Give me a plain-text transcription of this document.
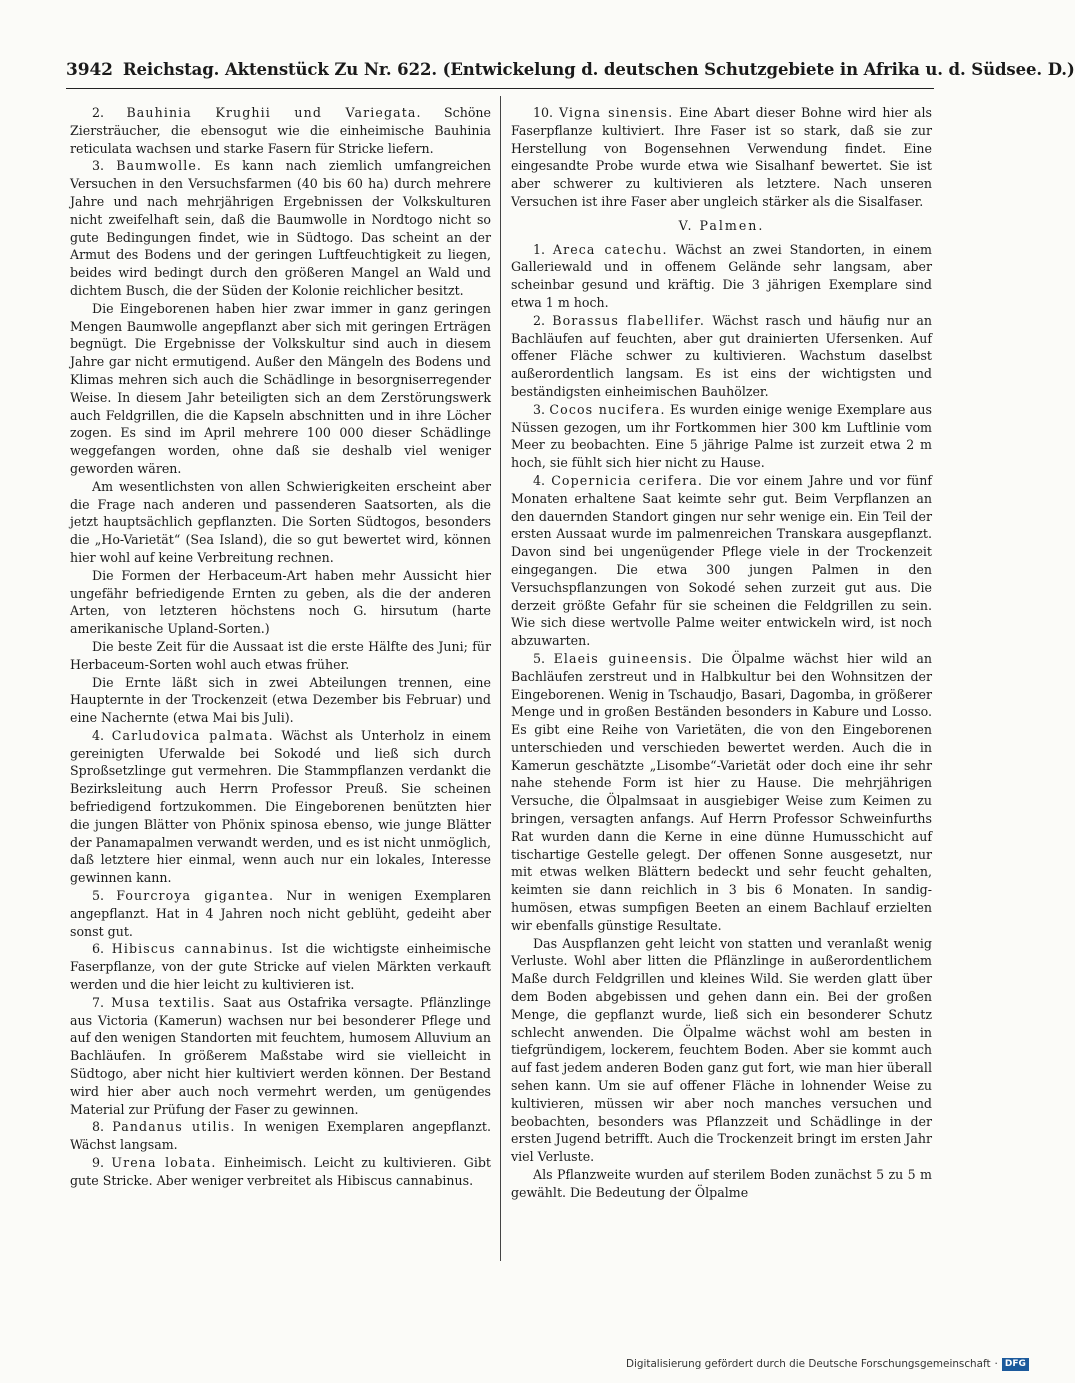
3942 Reichstag. Aktenstück Zu Nr. 622. (Entwickelung d. deutschen Schutzgebiete in Afrika u. d. Südsee. D.)

2. Bauhinia Krughii und Variegata. Schöne Ziersträucher, die ebensogut wie die einheimische Bauhinia reticulata wachsen und starke Fasern für Stricke liefern.

3. Baumwolle. Es kann nach ziemlich umfangreichen Versuchen in den Versuchsfarmen (40 bis 60 ha) durch mehrere Jahre und nach mehrjährigen Ergebnissen der Volkskulturen nicht zweifelhaft sein, daß die Baumwolle in Nordtogo nicht so gute Bedingungen findet, wie in Südtogo. Das scheint an der Armut des Bodens und der geringen Luftfeuchtigkeit zu liegen, beides wird bedingt durch den größeren Mangel an Wald und dichtem Busch, die der Süden der Kolonie reichlicher besitzt.

Die Eingeborenen haben hier zwar immer in ganz geringen Mengen Baumwolle angepflanzt aber sich mit geringen Erträgen begnügt. Die Ergebnisse der Volkskultur sind auch in diesem Jahre gar nicht ermutigend. Außer den Mängeln des Bodens und Klimas mehren sich auch die Schädlinge in besorgniserregender Weise. In diesem Jahr beteiligten sich an dem Zerstörungswerk auch Feldgrillen, die die Kapseln abschnitten und in ihre Löcher zogen. Es sind im April mehrere 100 000 dieser Schädlinge weggefangen worden, ohne daß sie deshalb viel weniger geworden wären.

Am wesentlichsten von allen Schwierigkeiten erscheint aber die Frage nach anderen und passenderen Saatsorten, als die jetzt hauptsächlich gepflanzten. Die Sorten Südtogos, besonders die „Ho-Varietät“ (Sea Island), die so gut bewertet wird, können hier wohl auf keine Verbreitung rechnen.

Die Formen der Herbaceum-Art haben mehr Aussicht hier ungefähr befriedigende Ernten zu geben, als die der anderen Arten, von letzteren höchstens noch G. hirsutum (harte amerikanische Upland-Sorten.)

Die beste Zeit für die Aussaat ist die erste Hälfte des Juni; für Herbaceum-Sorten wohl auch etwas früher.

Die Ernte läßt sich in zwei Abteilungen trennen, eine Haupternte in der Trockenzeit (etwa Dezember bis Februar) und eine Nachernte (etwa Mai bis Juli).

4. Carludovica palmata. Wächst als Unterholz in einem gereinigten Uferwalde bei Sokodé und ließ sich durch Sproßsetzlinge gut vermehren. Die Stammpflanzen verdankt die Bezirksleitung auch Herrn Professor Preuß. Sie scheinen befriedigend fortzukommen. Die Eingeborenen benützten hier die jungen Blätter von Phönix spinosa ebenso, wie junge Blätter der Panamapalmen verwandt werden, und es ist nicht unmöglich, daß letztere hier einmal, wenn auch nur ein lokales, Interesse gewinnen kann.

5. Fourcroya gigantea. Nur in wenigen Exemplaren angepflanzt. Hat in 4 Jahren noch nicht geblüht, gedeiht aber sonst gut.

6. Hibiscus cannabinus. Ist die wichtigste einheimische Faserpflanze, von der gute Stricke auf vielen Märkten verkauft werden und die hier leicht zu kultivieren ist.

7. Musa textilis. Saat aus Ostafrika versagte. Pflänzlinge aus Victoria (Kamerun) wachsen nur bei besonderer Pflege und auf den wenigen Standorten mit feuchtem, humosem Alluvium an Bachläufen. In größerem Maßstabe wird sie vielleicht in Südtogo, aber nicht hier kultiviert werden können. Der Bestand wird hier aber auch noch vermehrt werden, um genügendes Material zur Prüfung der Faser zu gewinnen.

8. Pandanus utilis. In wenigen Exemplaren angepflanzt. Wächst langsam.

9. Urena lobata. Einheimisch. Leicht zu kultivieren. Gibt gute Stricke. Aber weniger verbreitet als Hibiscus cannabinus.

10. Vigna sinensis. Eine Abart dieser Bohne wird hier als Faserpflanze kultiviert. Ihre Faser ist so stark, daß sie zur Herstellung von Bogensehnen Verwendung findet. Eine eingesandte Probe wurde etwa wie Sisalhanf bewertet. Sie ist aber schwerer zu kultivieren als letztere. Nach unseren Versuchen ist ihre Faser aber ungleich stärker als die Sisalfaser.

V. Palmen.

1. Areca catechu. Wächst an zwei Standorten, in einem Galleriewald und in offenem Gelände sehr langsam, aber scheinbar gesund und kräftig. Die 3 jährigen Exemplare sind etwa 1 m hoch.

2. Borassus flabellifer. Wächst rasch und häufig nur an Bachläufen auf feuchten, aber gut drainierten Ufersenken. Auf offener Fläche schwer zu kultivieren. Wachstum daselbst außerordentlich langsam. Es ist eins der wichtigsten und beständigsten einheimischen Bauhölzer.

3. Cocos nucifera. Es wurden einige wenige Exemplare aus Nüssen gezogen, um ihr Fortkommen hier 300 km Luftlinie vom Meer zu beobachten. Eine 5 jährige Palme ist zurzeit etwa 2 m hoch, sie fühlt sich hier nicht zu Hause.

4. Copernicia cerifera. Die vor einem Jahre und vor fünf Monaten erhaltene Saat keimte sehr gut. Beim Verpflanzen an den dauernden Standort gingen nur sehr wenige ein. Ein Teil der ersten Aussaat wurde im palmenreichen Transkara ausgepflanzt. Davon sind bei ungenügender Pflege viele in der Trockenzeit eingegangen. Die etwa 300 jungen Palmen in den Versuchspflanzungen von Sokodé sehen zurzeit gut aus. Die derzeit größte Gefahr für sie scheinen die Feldgrillen zu sein. Wie sich diese wertvolle Palme weiter entwickeln wird, ist noch abzuwarten.

5. Elaeis guineensis. Die Ölpalme wächst hier wild an Bachläufen zerstreut und in Halbkultur bei den Wohnsitzen der Eingeborenen. Wenig in Tschaudjo, Basari, Dagomba, in größerer Menge und in großen Beständen besonders in Kabure und Losso. Es gibt eine Reihe von Varietäten, die von den Eingeborenen unterschieden und verschieden bewertet werden. Auch die in Kamerun geschätzte „Lisombe“-Varietät oder doch eine ihr sehr nahe stehende Form ist hier zu Hause. Die mehrjährigen Versuche, die Ölpalmsaat in ausgiebiger Weise zum Keimen zu bringen, versagten anfangs. Auf Herrn Professor Schweinfurths Rat wurden dann die Kerne in eine dünne Humusschicht auf tischartige Gestelle gelegt. Der offenen Sonne ausgesetzt, nur mit etwas welken Blättern bedeckt und sehr feucht gehalten, keimten sie dann reichlich in 3 bis 6 Monaten. In sandig-humösen, etwas sumpfigen Beeten an einem Bachlauf erzielten wir ebenfalls günstige Resultate.

Das Auspflanzen geht leicht von statten und veranlaßt wenig Verluste. Wohl aber litten die Pflänzlinge in außerordentlichem Maße durch Feldgrillen und kleines Wild. Sie werden glatt über dem Boden abgebissen und gehen dann ein. Bei der großen Menge, die gepflanzt wurde, ließ sich ein besonderer Schutz schlecht anwenden. Die Ölpalme wächst wohl am besten in tiefgründigem, lockerem, feuchtem Boden. Aber sie kommt auch auf fast jedem anderen Boden ganz gut fort, wie man hier überall sehen kann. Um sie auf offener Fläche in lohnender Weise zu kultivieren, müssen wir aber noch manches versuchen und beobachten, besonders was Pflanzzeit und Schädlinge in der ersten Jugend betrifft. Auch die Trockenzeit bringt im ersten Jahr viel Verluste.

Als Pflanzweite wurden auf sterilem Boden zunächst 5 zu 5 m gewählt. Die Bedeutung der Ölpalme

Digitalisierung gefördert durch die Deutsche Forschungsgemeinschaft · DFG
